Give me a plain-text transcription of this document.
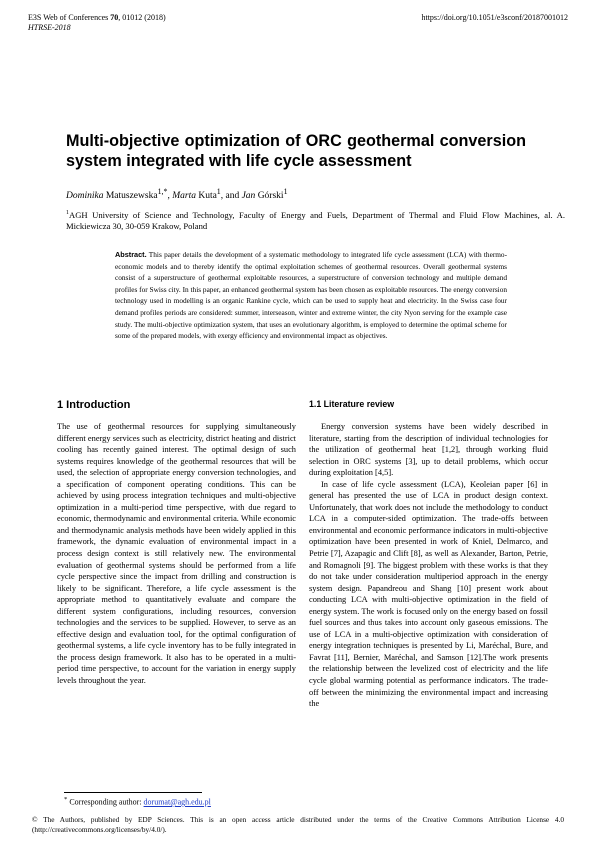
E3S Web of Conferences 70, 01012 (2018)
HTRSE-2018
https://doi.org/10.1051/e3sconf/20187001012
Multi-objective optimization of ORC geothermal conversion system integrated with life cycle assessment
Dominika Matuszewska$^{1,*}$, Marta Kuta$^1$, and Jan Górski$^1$
$^1$AGH University of Science and Technology, Faculty of Energy and Fuels, Department of Thermal and Fluid Flow Machines, al. A. Mickiewicza 30, 30-059 Krakow, Poland
Abstract. This paper details the development of a systematic methodology to integrated life cycle assessment (LCA) with thermo-economic models and to thereby identify the optimal exploitation schemes of geothermal resources. Overall geothermal systems consist of a superstructure of geothermal exploitable resources, a superstructure of conversion technology and multiple demand profiles for Swiss city. In this paper, an enhanced geothermal system has been chosen as exploitable resources. The energy conversion technology used in modelling is an organic Rankine cycle, which can be used to supply heat and electricity. In the Swiss case four demand profiles periods are considered: summer, interseason, winter and extreme winter, the city Nyon serving for the example case study. The multi-objective optimization system, that uses an evolutionary algorithm, is employed to determine the optimal scheme for some of the prepared models, with exergy efficiency and environmental impact as objectives.
1 Introduction

The use of geothermal resources for supplying simultaneously different energy services such as electricity, district heating and district cooling has recently gained interest. The optimal design of such systems requires knowledge of the geothermal resources that will be used, the selection of appropriate energy conversion technologies, and a specification of component operating conditions. This can be achieved by using process integration techniques and multi-objective optimization in a multi-period time perspective, with due regard to economic, thermodynamic and environmental criteria. While economic and thermodynamic analysis methods have been widely applied in this framework, the dynamic evaluation of environmental impact in a process design context is still relatively new. The environmental evaluation of geothermal systems should be performed from a life cycle perspective since the impact from drilling and construction is likely to be significant. Therefore, a life cycle assessment is the appropriate method to quantitatively evaluate and compare the different system configurations, including resources, conversion technologies and the services to be supplied. However, to serve as an effective design and evaluation tool, for the optimal configuration of geothermal systems, a life cycle inventory has to be fully integrated in the process design framework. It also has to be operated in a multi-period time perspective, to account for the variation in energy supply levels throughout the year.

1.1 Literature review

Energy conversion systems have been widely described in literature, starting from the description of individual technologies for the utilization of geothermal heat [1,2], through working fluid selection in ORC systems [3], up to detail problems, which occur during exploitation [4,5].

In case of life cycle assessment (LCA), Keoleian paper [6] in general has presented the use of LCA in product design context. Unfortunately, that work does not include the methodology to conduct LCA in a computer-sided optimization. The trade-offs between environmental and economic performance indicators in multi-objective optimization have been presented in work of Kniel, Delmarco, and Petrie [7], Azapagic and Clift [8], as well as Alexander, Barton, Petrie, and Romagnoli [9]. The biggest problem with these works is that they do not take under consideration multiperiod approach in the energy system design. Papandreou and Shang [10] present work about conducting LCA with multi-objective optimization in the field of energy system. The work is focused only on the energy based on fossil fuel sources and thus takes into account only gaseous emissions. The use of LCA in a multi-objective optimization with consideration of energy integration techniques is presented by Li, Maréchal, Bure, and Favrat [11], Bernier, Maréchal, and Samson [12].The work presents the relationship between the levelized cost of electricity and the life cycle global warming potential as performance indicators. The trade-off between the minimizing the environmental impact and increasing the

* Corresponding author: dorumat@agh.edu.pl
© The Authors, published by EDP Sciences. This is an open access article distributed under the terms of the Creative Commons Attribution License 4.0 (http://creativecommons.org/licenses/by/4.0/).
